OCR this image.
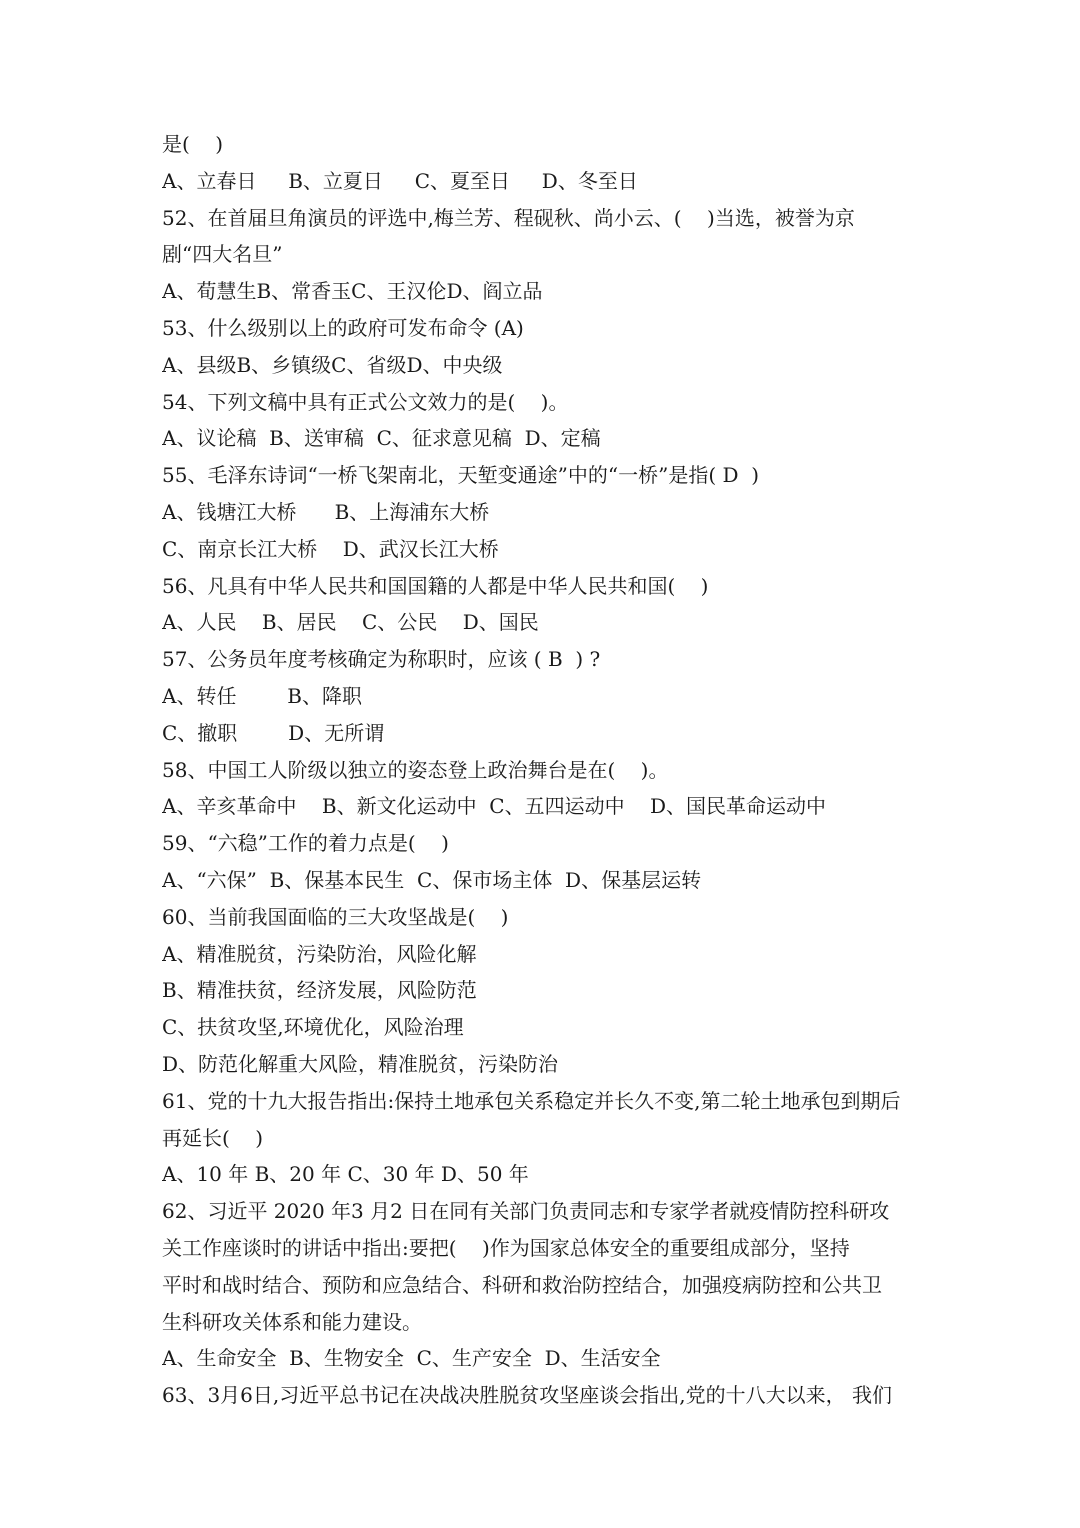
是(    )
A、立春日     B、立夏日     C、夏至日     D、冬至日
52、在首届旦角演员的评选中,梅兰芳、程砚秋、尚小云、(    )当选，被誉为京
剧“四大名旦”
A、荀慧生B、常香玉C、王汉伦D、阎立品
53、什么级别以上的政府可发布命令 (A)
A、县级B、乡镇级C、省级D、中央级
54、下列文稿中具有正式公文效力的是(    )。
A、议论稿  B、送审稿  C、征求意见稿  D、定稿
55、毛泽东诗词“一桥飞架南北，天堑变通途”中的“一桥”是指( D  )
A、钱塘江大桥      B、上海浦东大桥
C、南京长江大桥    D、武汉长江大桥
56、凡具有中华人民共和国国籍的人都是中华人民共和国(    )
A、人民    B、居民    C、公民    D、国民
57、公务员年度考核确定为称职时，应该 ( B  ) ?
A、转任        B、降职
C、撤职        D、无所谓
58、中国工人阶级以独立的姿态登上政治舞台是在(    )。
A、辛亥革命中    B、新文化运动中  C、五四运动中    D、国民革命运动中
59、“六稳”工作的着力点是(    )
A、“六保”  B、保基本民生  C、保市场主体  D、保基层运转
60、当前我国面临的三大攻坚战是(    )
A、精准脱贫，污染防治，风险化解
B、精准扶贫，经济发展，风险防范
C、扶贫攻坚,环境优化，风险治理
D、防范化解重大风险，精准脱贫，污染防治
61、党的十九大报告指出:保持土地承包关系稳定并长久不变,第二轮土地承包到期后
再延长(    )
A、10 年 B、20 年 C、30 年 D、50 年
62、习近平 2020 年3 月2 日在同有关部门负责同志和专家学者就疫情防控科研攻
关工作座谈时的讲话中指出:要把(    )作为国家总体安全的重要组成部分，坚持
平时和战时结合、预防和应急结合、科研和救治防控结合，加强疫病防控和公共卫
生科研攻关体系和能力建设。
A、生命安全  B、生物安全  C、生产安全  D、生活安全
63、3月6日,习近平总书记在决战决胜脱贫攻坚座谈会指出,党的十八大以来， 我们
